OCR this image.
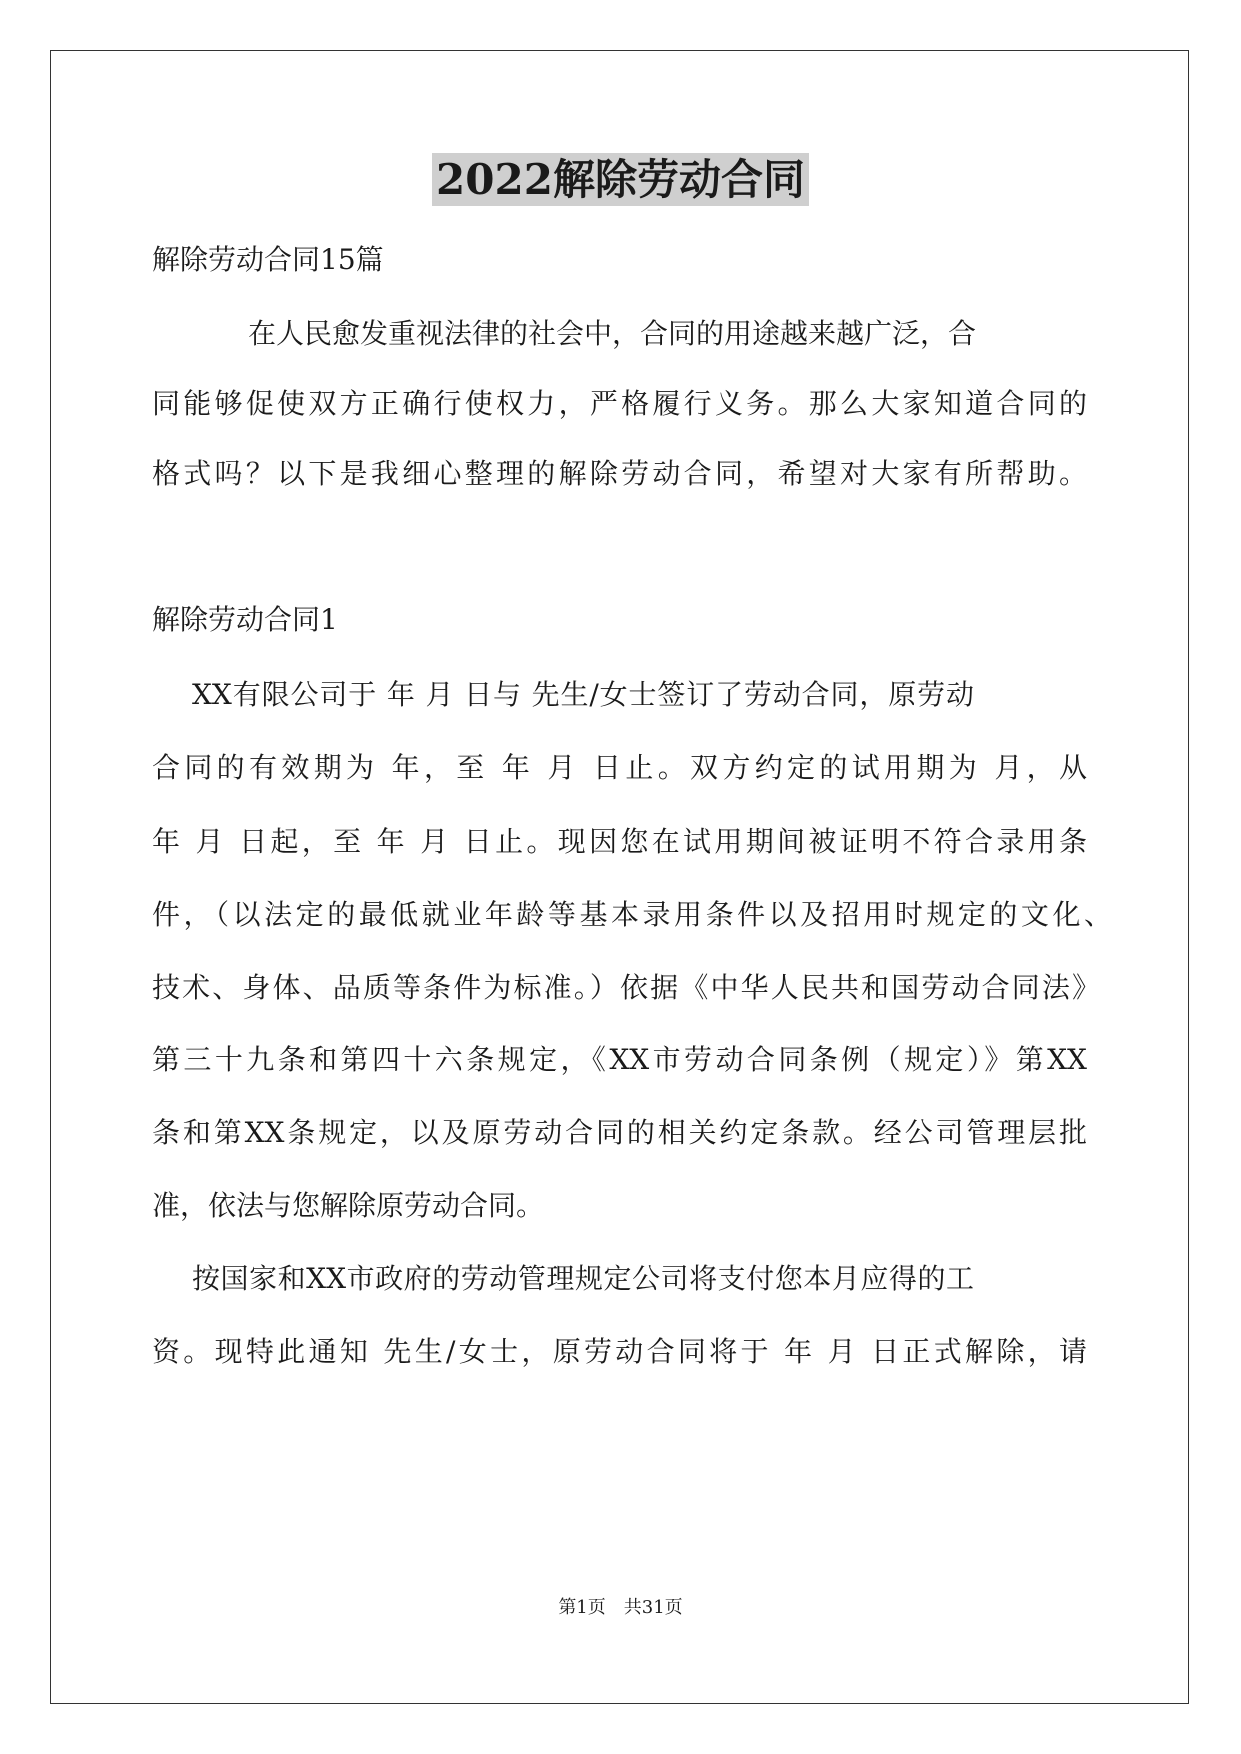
2022解除劳动合同

解除劳动合同15篇

在人民愈发重视法律的社会中，合同的用途越来越广泛，合

同能够促使双方正确行使权力，严格履行义务。那么大家知道合同的

格式吗？以下是我细心整理的解除劳动合同，希望对大家有所帮助。

解除劳动合同1

XX有限公司于 年 月 日与 先生/女士签订了劳动合同，原劳动

合同的有效期为 年，至 年 月 日止。双方约定的试用期为 月，从

年 月 日起，至 年 月 日止。现因您在试用期间被证明不符合录用条

件，（以法定的最低就业年龄等基本录用条件以及招用时规定的文化、

技术、身体、品质等条件为标准。）依据《中华人民共和国劳动合同法》

第三十九条和第四十六条规定，《XX市劳动合同条例（规定）》第XX

条和第XX条规定，以及原劳动合同的相关约定条款。经公司管理层批

准，依法与您解除原劳动合同。

按国家和XX市政府的劳动管理规定公司将支付您本月应得的工

资。现特此通知 先生/女士，原劳动合同将于 年 月 日正式解除，请

第1页　共31页
